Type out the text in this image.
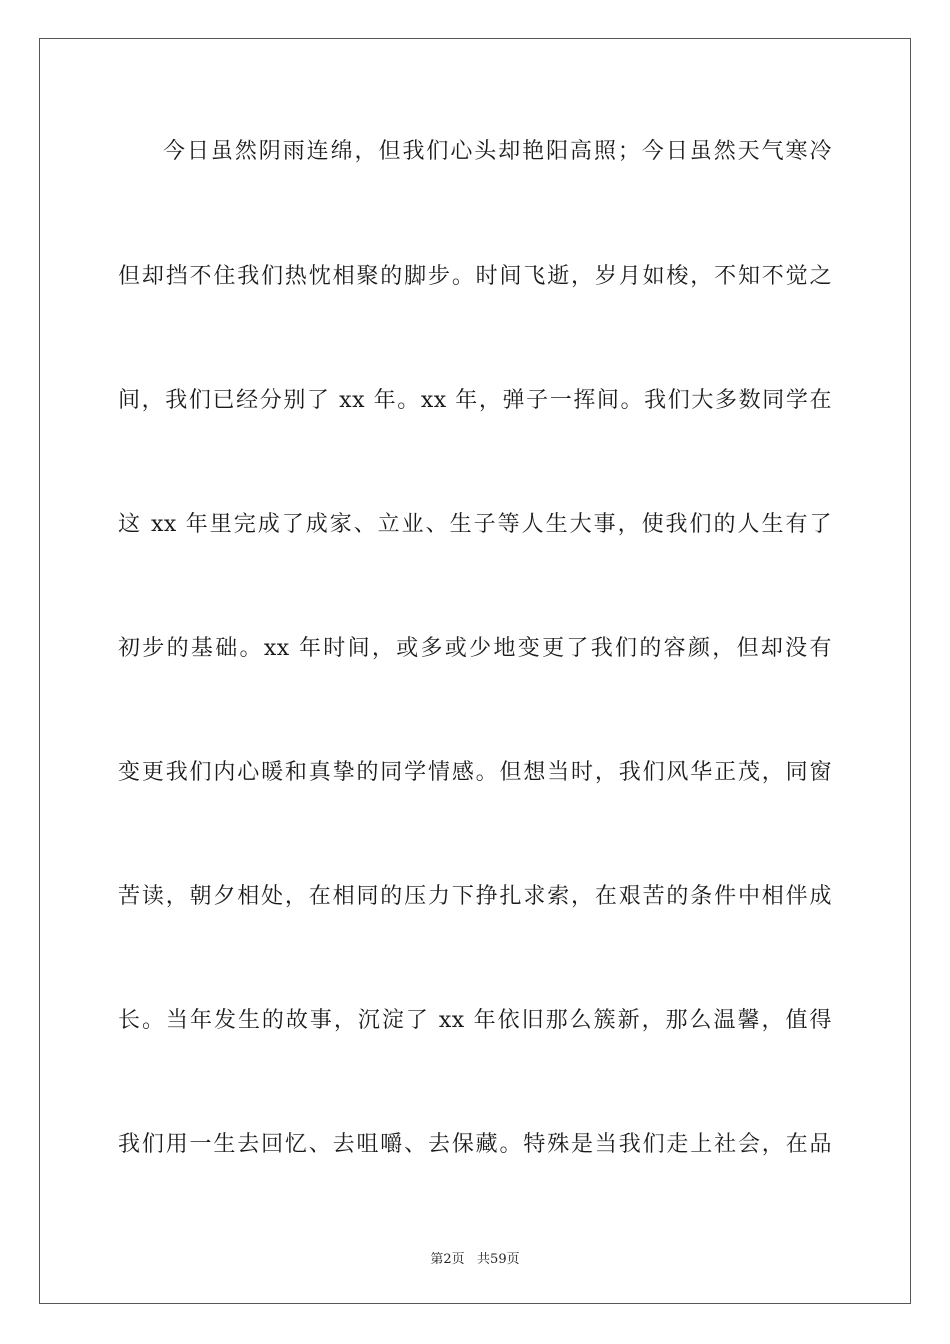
今日虽然阴雨连绵，但我们心头却艳阳高照；今日虽然天气寒冷
但却挡不住我们热忱相聚的脚步。时间飞逝，岁月如梭，不知不觉之
间，我们已经分别了 xx 年。xx 年，弹子一挥间。我们大多数同学在
这 xx 年里完成了成家、立业、生子等人生大事，使我们的人生有了
初步的基础。xx 年时间，或多或少地变更了我们的容颜，但却没有
变更我们内心暖和真挚的同学情感。但想当时，我们风华正茂，同窗
苦读，朝夕相处，在相同的压力下挣扎求索，在艰苦的条件中相伴成
长。当年发生的故事，沉淀了 xx 年依旧那么簇新，那么温馨，值得
我们用一生去回忆、去咀嚼、去保藏。特殊是当我们走上社会，在品
第2页   共59页
